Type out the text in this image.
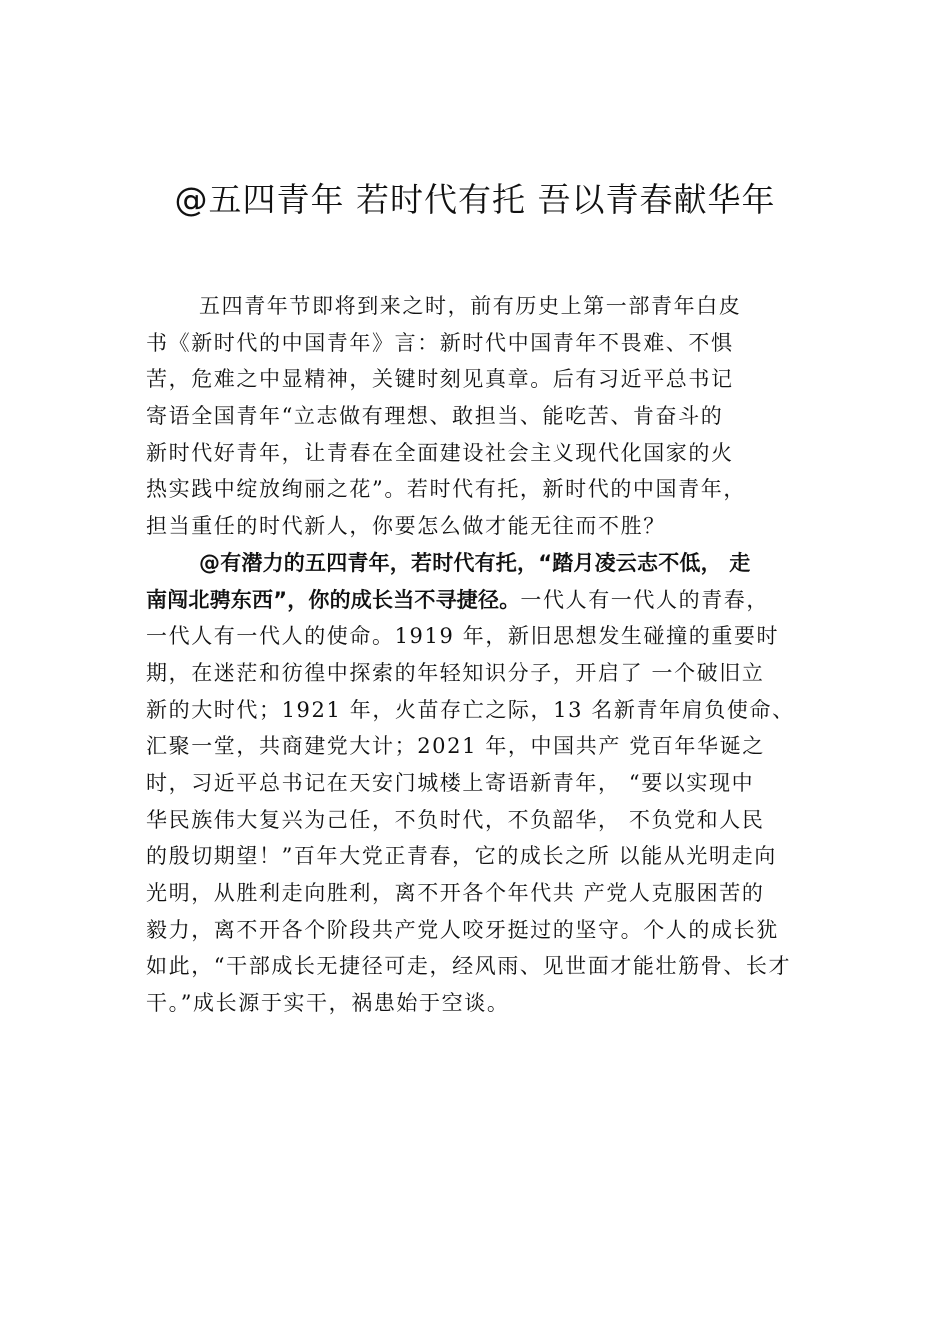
@五四青年 若时代有托 吾以青春献华年
五四青年节即将到来之时，前有历史上第一部青年白皮
书《新时代的中国青年》言：新时代中国青年不畏难、不惧
苦，危难之中显精神，关键时刻见真章。后有习近平总书记
寄语全国青年“立志做有理想、敢担当、能吃苦、肯奋斗的
新时代好青年，让青春在全面建设社会主义现代化国家的火
热实践中绽放绚丽之花”。若时代有托，新时代的中国青年，
担当重任的时代新人，你要怎么做才能无往而不胜？
@有潜力的五四青年，若时代有托，“踏月凌云志不低， 走
南闯北骋东西”，你的成长当不寻捷径。一代人有一代人的青春，
一代人有一代人的使命。1919 年，新旧思想发生碰撞的重要时
期，在迷茫和彷徨中探索的年轻知识分子，开启了 一个破旧立
新的大时代；1921 年，火苗存亡之际，13 名新青年肩负使命、
汇聚一堂，共商建党大计；2021 年，中国共产 党百年华诞之
时，习近平总书记在天安门城楼上寄语新青年， “要以实现中
华民族伟大复兴为己任，不负时代，不负韶华， 不负党和人民
的殷切期望！”百年大党正青春，它的成长之所 以能从光明走向
光明，从胜利走向胜利，离不开各个年代共 产党人克服困苦的
毅力，离不开各个阶段共产党人咬牙挺过的坚守。个人的成长犹
如此，“干部成长无捷径可走，经风雨、见世面才能壮筋骨、长才
干。”成长源于实干，祸患始于空谈。
